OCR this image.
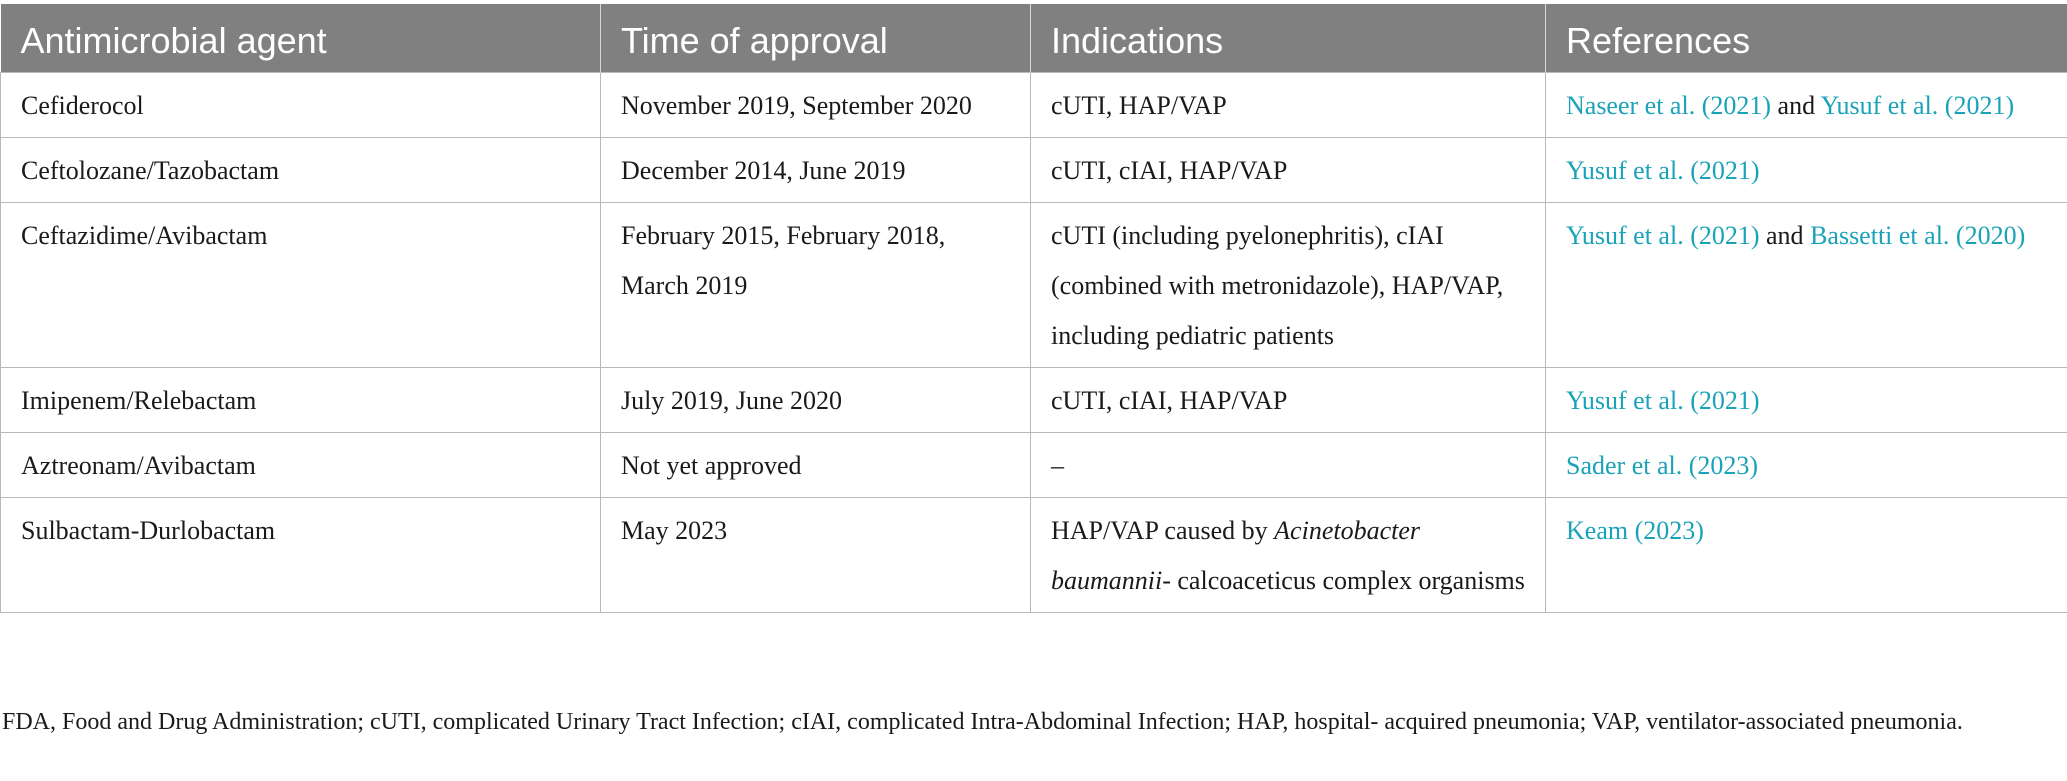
Antimicrobial agent	Time of approval	Indications	References
Cefiderocol	November 2019, September 2020	cUTI, HAP/VAP	Naseer et al. (2021) and Yusuf et al. (2021)
Ceftolozane/Tazobactam	December 2014, June 2019	cUTI, cIAI, HAP/VAP	Yusuf et al. (2021)
Ceftazidime/Avibactam	February 2015, February 2018, March 2019	cUTI (including pyelonephritis), cIAI (combined with metronidazole), HAP/VAP, including pediatric patients	Yusuf et al. (2021) and Bassetti et al. (2020)
Imipenem/Relebactam	July 2019, June 2020	cUTI, cIAI, HAP/VAP	Yusuf et al. (2021)
Aztreonam/Avibactam	Not yet approved	–	Sader et al. (2023)
Sulbactam-Durlobactam	May 2023	HAP/VAP caused by Acinetobacter baumannii- calcoaceticus complex organisms	Keam (2023)
FDA, Food and Drug Administration; cUTI, complicated Urinary Tract Infection; cIAI, complicated Intra-Abdominal Infection; HAP, hospital- acquired pneumonia; VAP, ventilator-associated pneumonia.
